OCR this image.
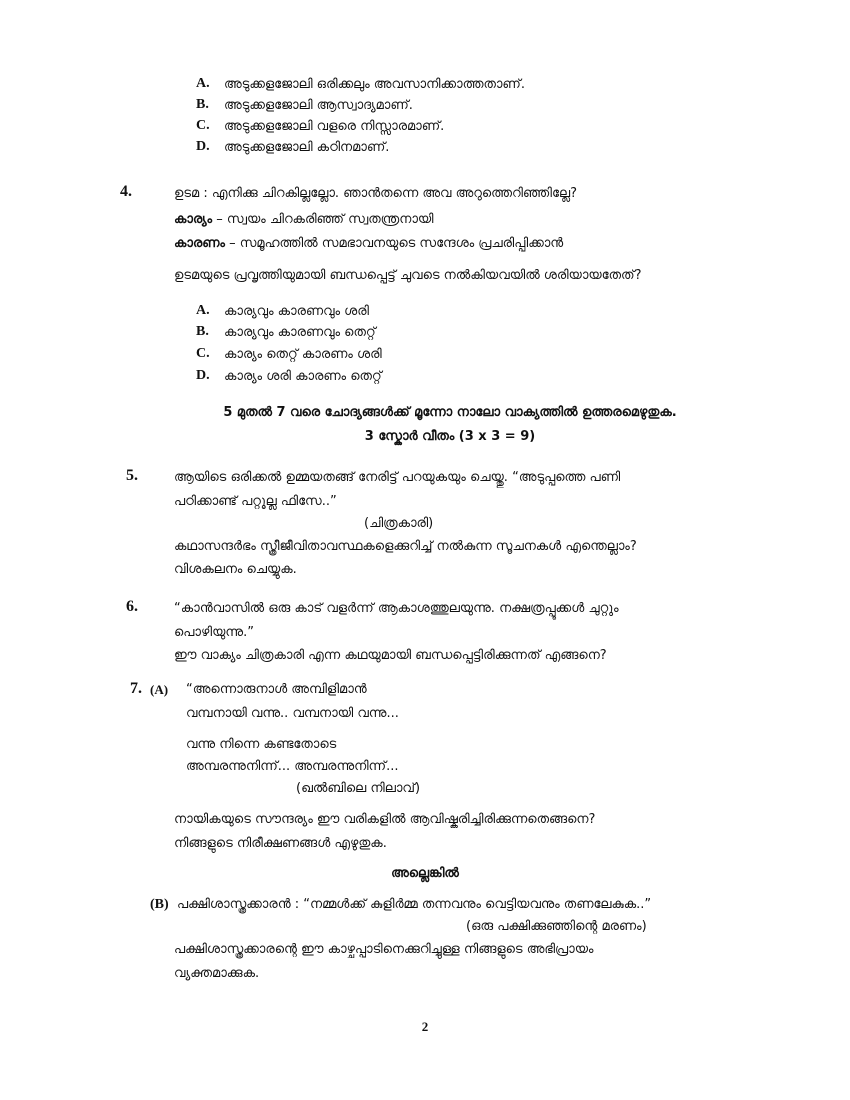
A. അടുക്കളജോലി ഒരിക്കലും അവസാനിക്കാത്തതാണ്.
B. അടുക്കളജോലി ആസ്വാദ്യമാണ്.
C. അടുക്കളജോലി വളരെ നിസ്സാരമാണ്.
D. അടുക്കളജോലി കഠിനമാണ്.
4.	ഉടമ : എനിക്കു ചിറകില്ലല്ലോ. ഞാൻതന്നെ അവ അറുത്തെറിഞ്ഞില്ലേ?
കാര്യം – സ്വയം ചിറകരിഞ്ഞ് സ്വതന്ത്രനായി
കാരണം – സമൂഹത്തിൽ സമഭാവനയുടെ സന്ദേശം പ്രചരിപ്പിക്കാൻ
ഉടമയുടെ പ്രവൃത്തിയുമായി ബന്ധപ്പെട്ട് ചുവടെ നൽകിയവയിൽ ശരിയായതേത്?
A. കാര്യവും കാരണവും ശരി
B. കാര്യവും കാരണവും തെറ്റ്
C. കാര്യം തെറ്റ് കാരണം ശരി
D. കാര്യം ശരി കാരണം തെറ്റ്
5 മുതൽ 7 വരെ ചോദ്യങ്ങൾക്ക് മൂന്നോ നാലോ വാക്യത്തിൽ ഉത്തരമെഴുതുക.
3 സ്കോർ വീതം (3 x 3 = 9)
5.	ആയിടെ ഒരിക്കൽ ഉമ്മയതങ്ങ് നേരിട്ട് പറയുകയും ചെയ്തു. “അടുപ്പത്തെ പണി
പഠിക്കാണ്ട് പറ്റൂല്ല ഫിസേ..”
(ചിത്രകാരി)
കഥാസന്ദർഭം സ്ത്രീജീവിതാവസ്ഥകളെക്കുറിച്ച് നൽകുന്ന സൂചനകൾ എന്തെല്ലാം?
വിശകലനം ചെയ്യുക.
6.	“കാൻവാസിൽ ഒരു കാട് വളർന്ന് ആകാശത്തുലയുന്നു. നക്ഷത്രപ്പൂക്കൾ ചുറ്റും
പൊഴിയുന്നു.”
ഈ വാക്യം ചിത്രകാരി എന്ന കഥയുമായി ബന്ധപ്പെട്ടിരിക്കുന്നത് എങ്ങനെ?
7. (A) “അന്നൊരുനാൾ അമ്പിളിമാൻ
വമ്പനായി വന്നു.. വമ്പനായി വന്നു...
വന്നു നിന്നെ കണ്ടതോടെ
അമ്പരന്നുനിന്ന്... അമ്പരന്നുനിന്ന്...
(ഖൽബിലെ നിലാവ്)
നായികയുടെ സൗന്ദര്യം ഈ വരികളിൽ ആവിഷ്കരിച്ചിരിക്കുന്നതെങ്ങനെ?
നിങ്ങളുടെ നിരീക്ഷണങ്ങൾ എഴുതുക.
അല്ലെങ്കിൽ
(B) പക്ഷിശാസ്ത്രക്കാരൻ : “നമ്മൾക്ക് കുളിർമ്മ തന്നവനും വെട്ടിയവനും തണലേകുക..”
(ഒരു പക്ഷിക്കുഞ്ഞിന്റെ മരണം)
പക്ഷിശാസ്ത്രക്കാരന്റെ ഈ കാഴ്ചപ്പാടിനെക്കുറിച്ചുള്ള നിങ്ങളുടെ അഭിപ്രായം
വ്യക്തമാക്കുക.
2
